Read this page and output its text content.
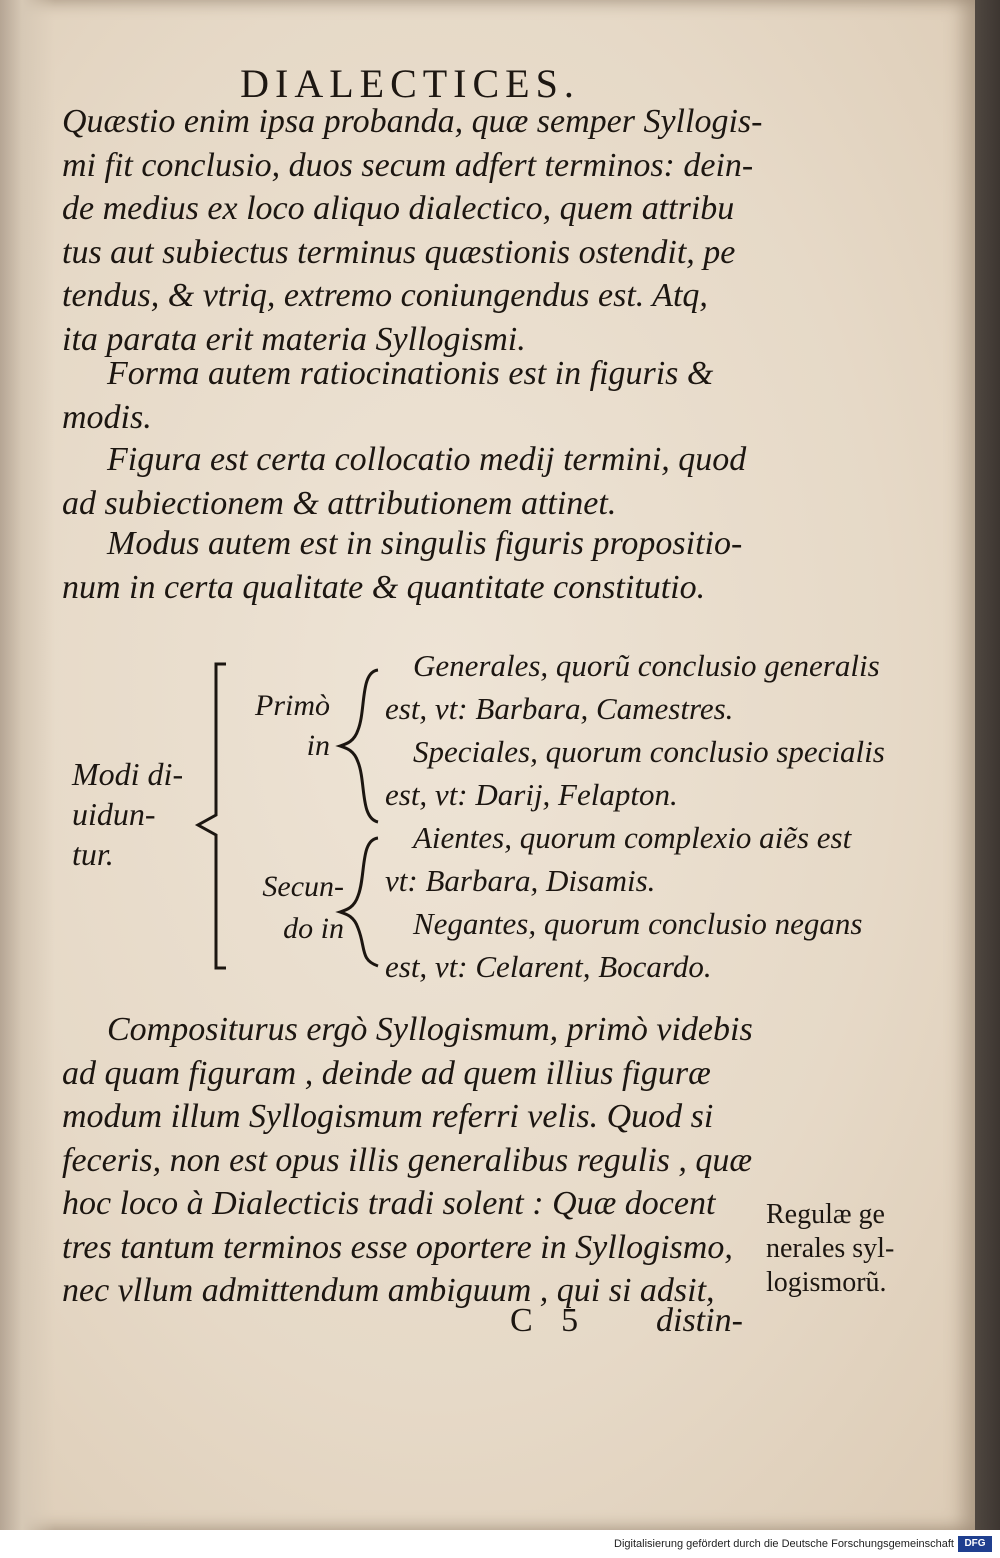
DIALECTICES.
Quæstio enim ipsa probanda, quæ semper Syllogis-
mi fit conclusio, duos secum adfert terminos: dein-
de medius ex loco aliquo dialectico, quem attribu
tus aut subiectus terminus quæstionis ostendit, pe
tendus, & vtriq, extremo coniungendus est. Atq,
ita parata erit materia Syllogismi.
Forma autem ratiocinationis est in figuris &
modis.
Figura est certa collocatio medij termini, quod
ad subiectionem & attributionem attinet.
Modus autem est in singulis figuris propositio-
num in certa qualitate & quantitate constitutio.
Modi di-
uidun-
tur.
Primò
in
Secun-
do in
Generales, quorũ conclusio generalis
est, vt: Barbara, Camestres.
Speciales, quorum conclusio specialis
est, vt: Darij, Felapton.
Aientes, quorum complexio aiẽs est
vt: Barbara, Disamis.
Negantes, quorum conclusio negans
est, vt: Celarent, Bocardo.
Compositurus ergò Syllogismum, primò videbis
ad quam figuram , deinde ad quem illius figuræ
modum illum Syllogismum referri velis. Quod si
feceris, non est opus illis generalibus regulis , quæ
hoc loco à Dialecticis tradi solent : Quæ docent
tres tantum terminos esse oportere in Syllogismo,
nec vllum admittendum ambiguum , qui si adsit,
Regulæ ge
nerales syl-
logismorũ.
C 5 distin-
Digitalisierung gefördert durch die Deutsche Forschungsgemeinschaft	DFG
